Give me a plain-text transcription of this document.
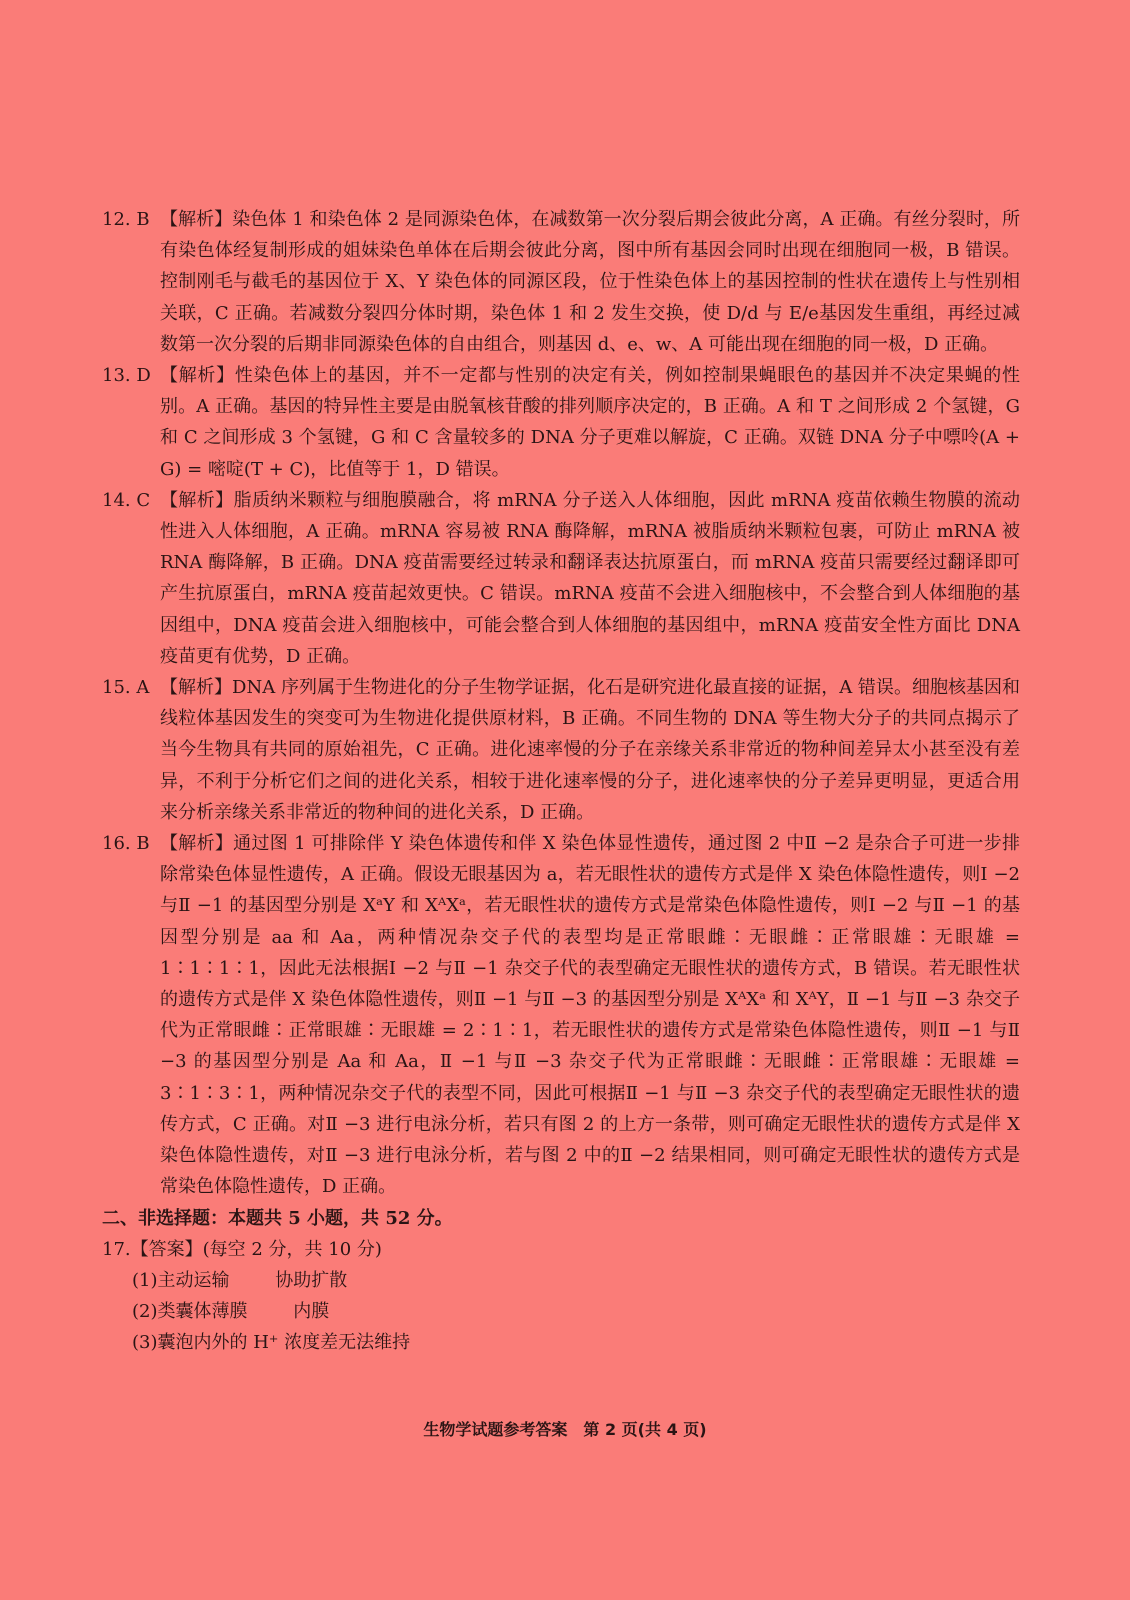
12. B 【解析】染色体 1 和染色体 2 是同源染色体，在减数第一次分裂后期会彼此分离，A 正确。有丝分裂时，所有染色体经复制形成的姐妹染色单体在后期会彼此分离，图中所有基因会同时出现在细胞同一极，B 错误。控制刚毛与截毛的基因位于 X、Y 染色体的同源区段，位于性染色体上的基因控制的性状在遗传上与性别相关联，C 正确。若减数分裂四分体时期，染色体 1 和 2 发生交换，使 D/d 与 E/e基因发生重组，再经过减数第一次分裂的后期非同源染色体的自由组合，则基因 d、e、w、A 可能出现在细胞的同一极，D 正确。
13. D 【解析】性染色体上的基因，并不一定都与性别的决定有关，例如控制果蝇眼色的基因并不决定果蝇的性别。A 正确。基因的特异性主要是由脱氧核苷酸的排列顺序决定的，B 正确。A 和 T 之间形成 2 个氢键，G 和 C 之间形成 3 个氢键，G 和 C 含量较多的 DNA 分子更难以解旋，C 正确。双链 DNA 分子中嘌呤(A + G) = 嘧啶(T + C)，比值等于 1，D 错误。
14. C 【解析】脂质纳米颗粒与细胞膜融合，将 mRNA 分子送入人体细胞，因此 mRNA 疫苗依赖生物膜的流动性进入人体细胞，A 正确。mRNA 容易被 RNA 酶降解，mRNA 被脂质纳米颗粒包裹，可防止 mRNA 被 RNA 酶降解，B 正确。DNA 疫苗需要经过转录和翻译表达抗原蛋白，而 mRNA 疫苗只需要经过翻译即可产生抗原蛋白，mRNA 疫苗起效更快。C 错误。mRNA 疫苗不会进入细胞核中，不会整合到人体细胞的基因组中，DNA 疫苗会进入细胞核中，可能会整合到人体细胞的基因组中，mRNA 疫苗安全性方面比 DNA 疫苗更有优势，D 正确。
15. A 【解析】DNA 序列属于生物进化的分子生物学证据，化石是研究进化最直接的证据，A 错误。细胞核基因和线粒体基因发生的突变可为生物进化提供原材料，B 正确。不同生物的 DNA 等生物大分子的共同点揭示了当今生物具有共同的原始祖先，C 正确。进化速率慢的分子在亲缘关系非常近的物种间差异太小甚至没有差异，不利于分析它们之间的进化关系，相较于进化速率慢的分子，进化速率快的分子差异更明显，更适合用来分析亲缘关系非常近的物种间的进化关系，D 正确。
16. B 【解析】通过图 1 可排除伴 Y 染色体遗传和伴 X 染色体显性遗传，通过图 2 中Ⅱ −2 是杂合子可进一步排除常染色体显性遗传，A 正确。假设无眼基因为 a，若无眼性状的遗传方式是伴 X 染色体隐性遗传，则Ⅰ −2 与Ⅱ −1 的基因型分别是 XᵃY 和 XᴬXᵃ，若无眼性状的遗传方式是常染色体隐性遗传，则Ⅰ −2 与Ⅱ −1 的基因型分别是 aa 和 Aa，两种情况杂交子代的表型均是正常眼雌∶无眼雌∶正常眼雄∶无眼雄 = 1∶1∶1∶1，因此无法根据Ⅰ −2 与Ⅱ −1 杂交子代的表型确定无眼性状的遗传方式，B 错误。若无眼性状的遗传方式是伴 X 染色体隐性遗传，则Ⅱ −1 与Ⅱ −3 的基因型分别是 XᴬXᵃ 和 XᴬY，Ⅱ −1 与Ⅱ −3 杂交子代为正常眼雌∶正常眼雄∶无眼雄 = 2∶1∶1，若无眼性状的遗传方式是常染色体隐性遗传，则Ⅱ −1 与Ⅱ −3 的基因型分别是 Aa 和 Aa，Ⅱ −1 与Ⅱ −3 杂交子代为正常眼雌∶无眼雌∶正常眼雄∶无眼雄 = 3∶1∶3∶1，两种情况杂交子代的表型不同，因此可根据Ⅱ −1 与Ⅱ −3 杂交子代的表型确定无眼性状的遗传方式，C 正确。对Ⅱ −3 进行电泳分析，若只有图 2 的上方一条带，则可确定无眼性状的遗传方式是伴 X 染色体隐性遗传，对Ⅱ −3 进行电泳分析，若与图 2 中的Ⅱ −2 结果相同，则可确定无眼性状的遗传方式是常染色体隐性遗传，D 正确。
二、非选择题：本题共 5 小题，共 52 分。
17.【答案】(每空 2 分，共 10 分)
(1)主动运输        协助扩散
(2)类囊体薄膜        内膜
(3)囊泡内外的 H⁺ 浓度差无法维持
生物学试题参考答案　第 2 页(共 4 页)
